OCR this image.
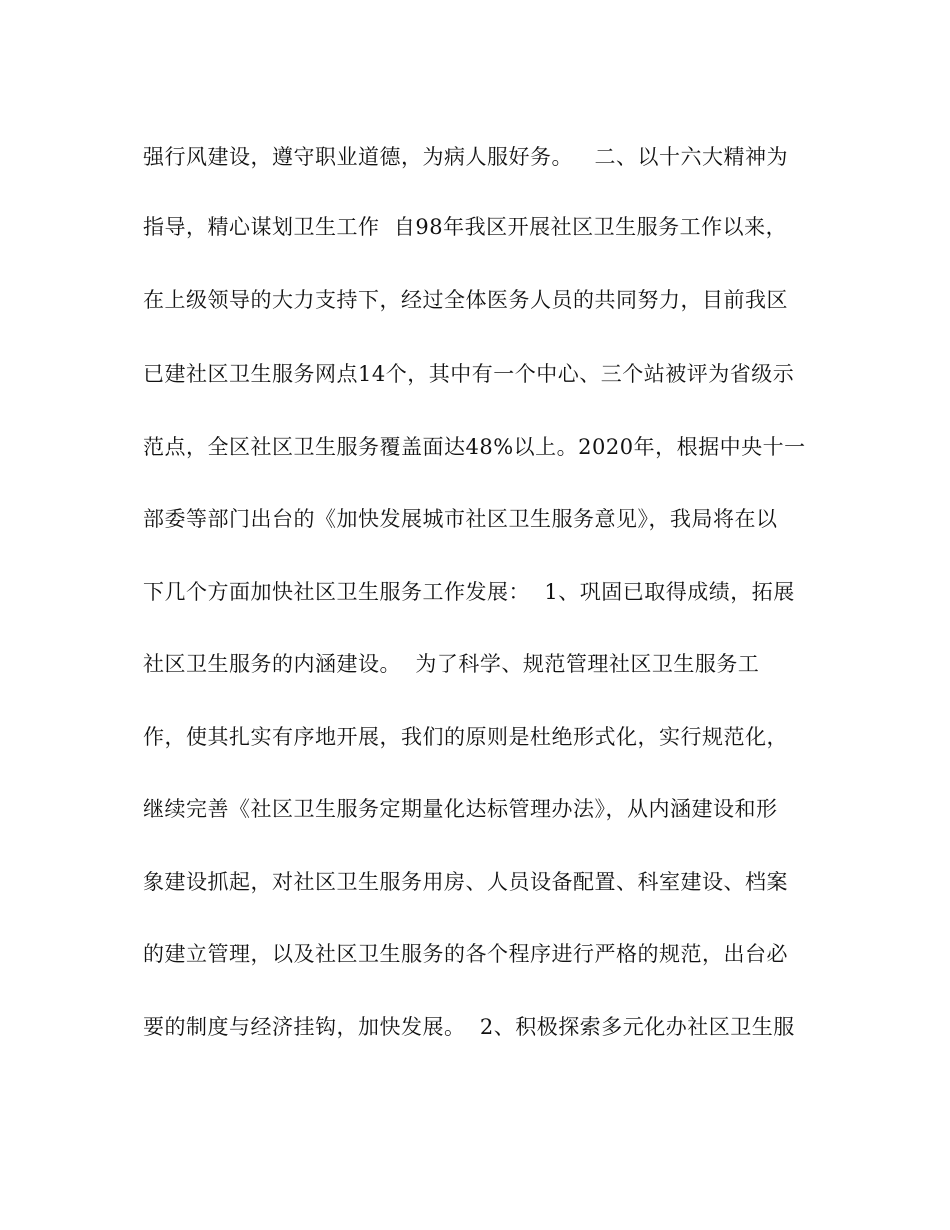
强行风建设，遵守职业道德，为病人服好务。   二、以十六大精神为
指导，精心谋划卫生工作  自98年我区开展社区卫生服务工作以来，
在上级领导的大力支持下，经过全体医务人员的共同努力，目前我区
已建社区卫生服务网点14个，其中有一个中心、三个站被评为省级示
范点，全区社区卫生服务覆盖面达48%以上。2020年，根据中央十一
部委等部门出台的《加快发展城市社区卫生服务意见》，我局将在以
下几个方面加快社区卫生服务工作发展：  1、巩固已取得成绩，拓展
社区卫生服务的内涵建设。  为了科学、规范管理社区卫生服务工
作，使其扎实有序地开展，我们的原则是杜绝形式化，实行规范化，
继续完善《社区卫生服务定期量化达标管理办法》，从内涵建设和形
象建设抓起，对社区卫生服务用房、人员设备配置、科室建设、档案
的建立管理，以及社区卫生服务的各个程序进行严格的规范，出台必
要的制度与经济挂钩，加快发展。  2、积极探索多元化办社区卫生服
